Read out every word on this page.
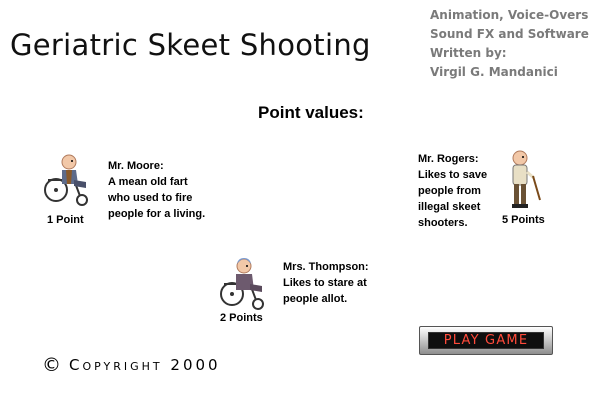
Geriatric Skeet Shooting
Animation, Voice-Overs
Sound FX and Software
Written by:
Virgil G. Mandanici
Point values:
Mr. Moore:
A mean old fart
who used to fire
people for a living.
1 Point
Mr. Rogers:
Likes to save
people from
illegal skeet
shooters.	5 Points
Mrs. Thompson:
Likes to stare at
people allot.
2 Points
PLAY GAME
© Copyright 2000
